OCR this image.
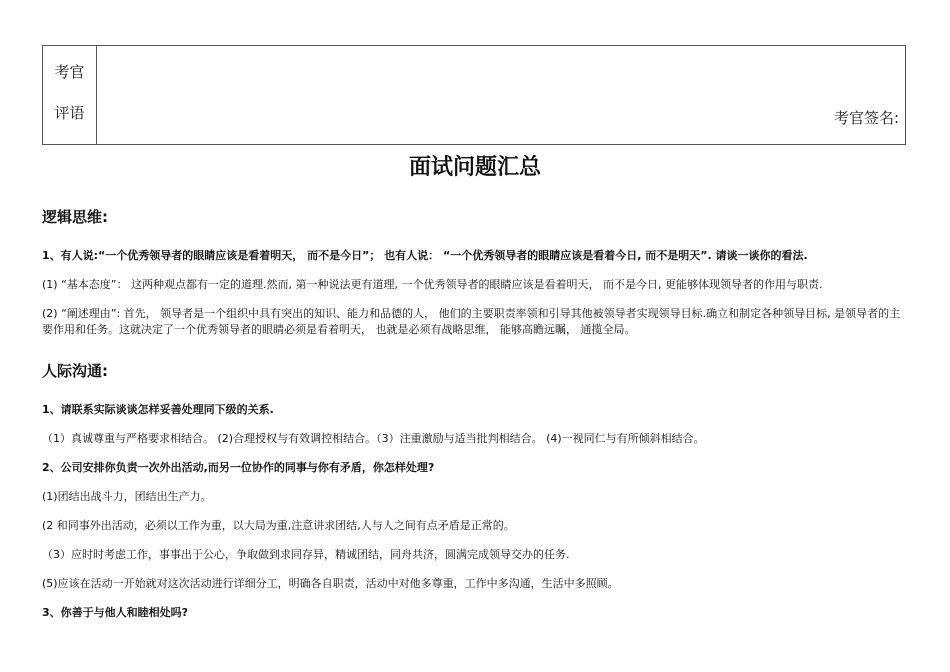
考官
评语	考官签名:
面试问题汇总
逻辑思维:
1、有人说:“一个优秀领导者的眼睛应该是看着明天， 而不是今日”； 也有人说： “一个优秀领导者的眼睛应该是看着今日, 而不是明天”. 请谈一谈你的看法.
(1) “基本态度”： 这两种观点都有一定的道理.然而, 第一种说法更有道理, 一个优秀领导者的眼睛应该是看着明天， 而不是今日, 更能够体现领导者的作用与职责.
(2) “阐述理由”: 首先， 领导者是一个组织中具有突出的知识、能力和品德的人， 他们的主要职责率领和引导其他被领导者实现领导目标.确立和制定各种领导目标, 是领导者的主要作用和任务。这就决定了一个优秀领导者的眼睛必须是看着明天， 也就是必须有战略思维， 能够高瞻远瞩， 通揽全局。
人际沟通:
1、请联系实际谈谈怎样妥善处理同下级的关系.
（1）真诚尊重与严格要求相结合。 (2)合理授权与有效调控相结合。（3）注重激励与适当批判相结合。 (4)一视同仁与有所倾斜相结合。
2、公司安排你负责一次外出活动,而另一位协作的同事与你有矛盾，你怎样处理?
(1)团结出战斗力，团结出生产力。
(2 和同事外出活动，必须以工作为重，以大局为重,注意讲求团结,人与人之间有点矛盾是正常的。
（3）应时时考虑工作，事事出于公心，争取做到求同存异，精诚团结，同舟共济，圆满完成领导交办的任务.
(5)应该在活动一开始就对这次活动进行详细分工，明确各自职责，活动中对他多尊重，工作中多沟通，生活中多照顾。
3、你善于与他人和睦相处吗?
